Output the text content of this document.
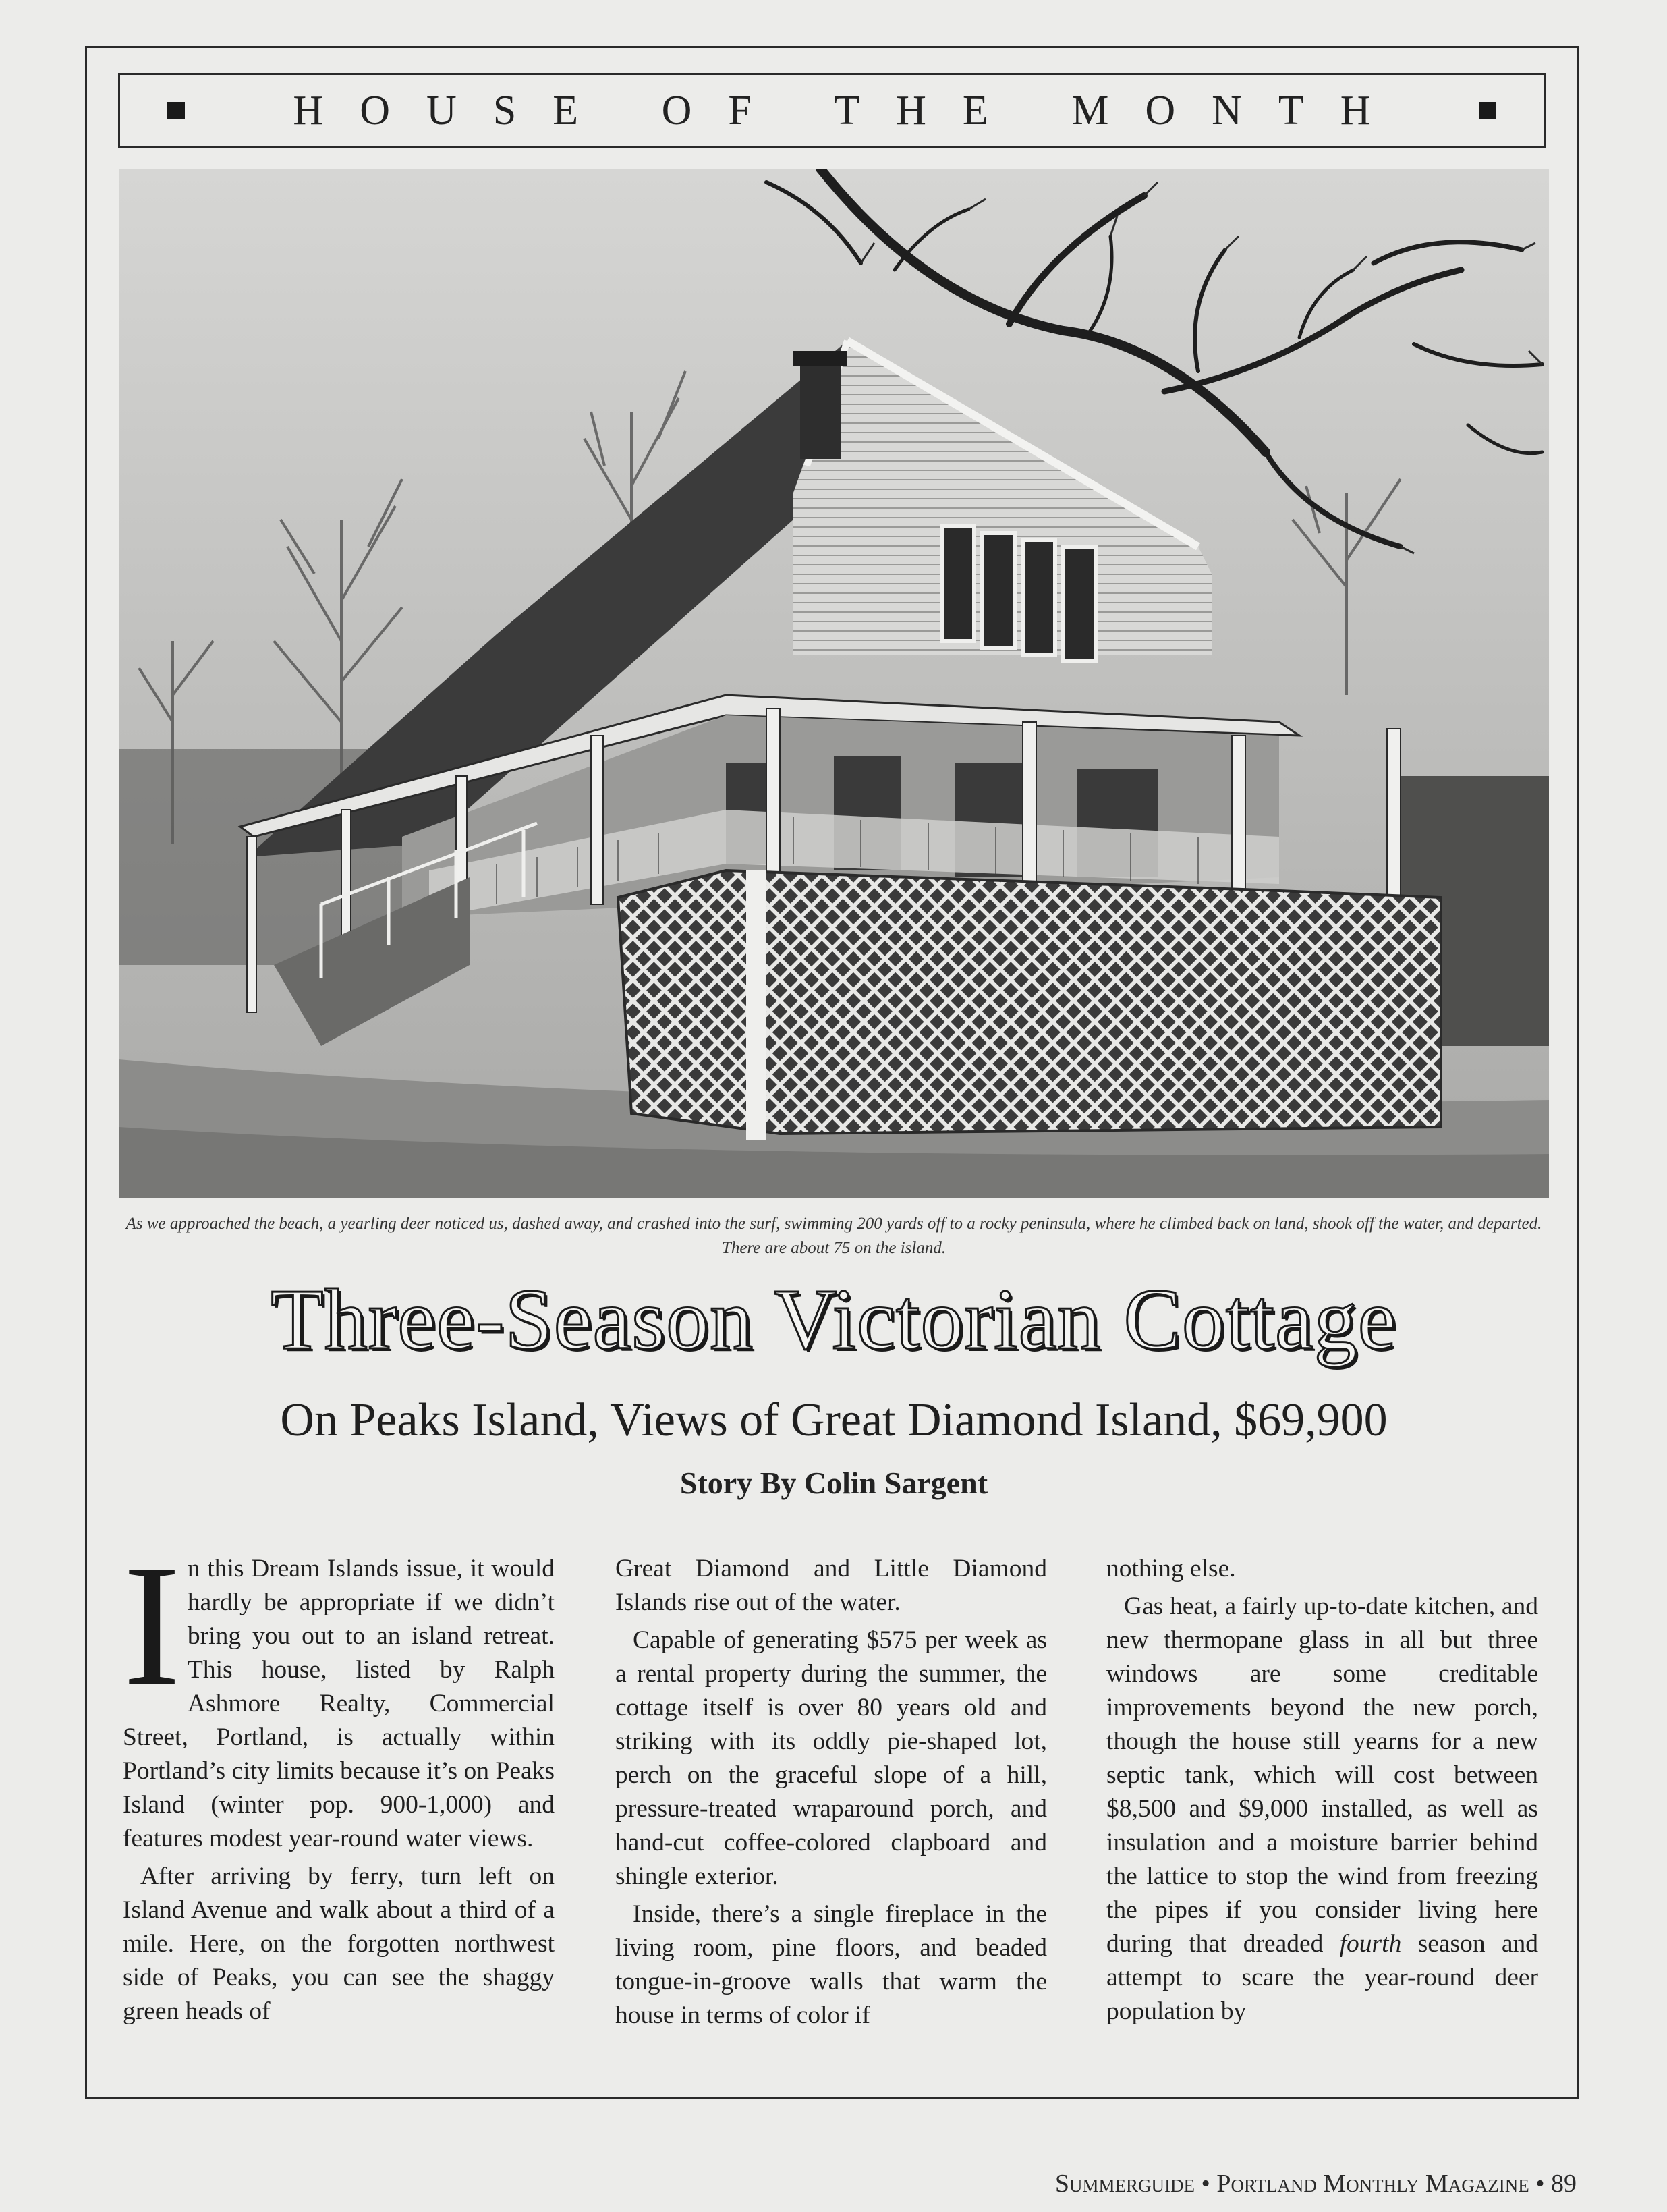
HOUSE OF THE MONTH
As we approached the beach, a yearling deer noticed us, dashed away, and crashed into the surf, swimming 200 yards off to a rocky peninsula, where he climbed back on land, shook off the water, and departed. There are about 75 on the island.
Three-Season Victorian Cottage
On Peaks Island, Views of Great Diamond Island, $69,900
Story By Colin Sargent
I n this Dream Islands issue, it would hardly be appropriate if we didn’t bring you out to an island retreat. This house, listed by Ralph Ashmore Realty, Commercial Street, Portland, is actually within Portland’s city limits because it’s on Peaks Island (winter pop. 900-1,000) and features modest year-round water views.

After arriving by ferry, turn left on Island Avenue and walk about a third of a mile. Here, on the forgotten northwest side of Peaks, you can see the shaggy green heads of

Great Diamond and Little Diamond Islands rise out of the water.

Capable of generating $575 per week as a rental property during the summer, the cottage itself is over 80 years old and striking with its oddly pie-shaped lot, perch on the graceful slope of a hill, pressure-treated wraparound porch, and hand-cut coffee-colored clapboard and shingle exterior.

Inside, there’s a single fireplace in the living room, pine floors, and beaded tongue-in-groove walls that warm the house in terms of color if

nothing else.

Gas heat, a fairly up-to-date kitchen, and new thermopane glass in all but three windows are some creditable improvements beyond the new porch, though the house still yearns for a new septic tank, which will cost between $8,500 and $9,000 installed, as well as insulation and a moisture barrier behind the lattice to stop the wind from freezing the pipes if you consider living here during that dreaded fourth season and attempt to scare the year-round deer population by

Summerguide • Portland Monthly Magazine • 89
